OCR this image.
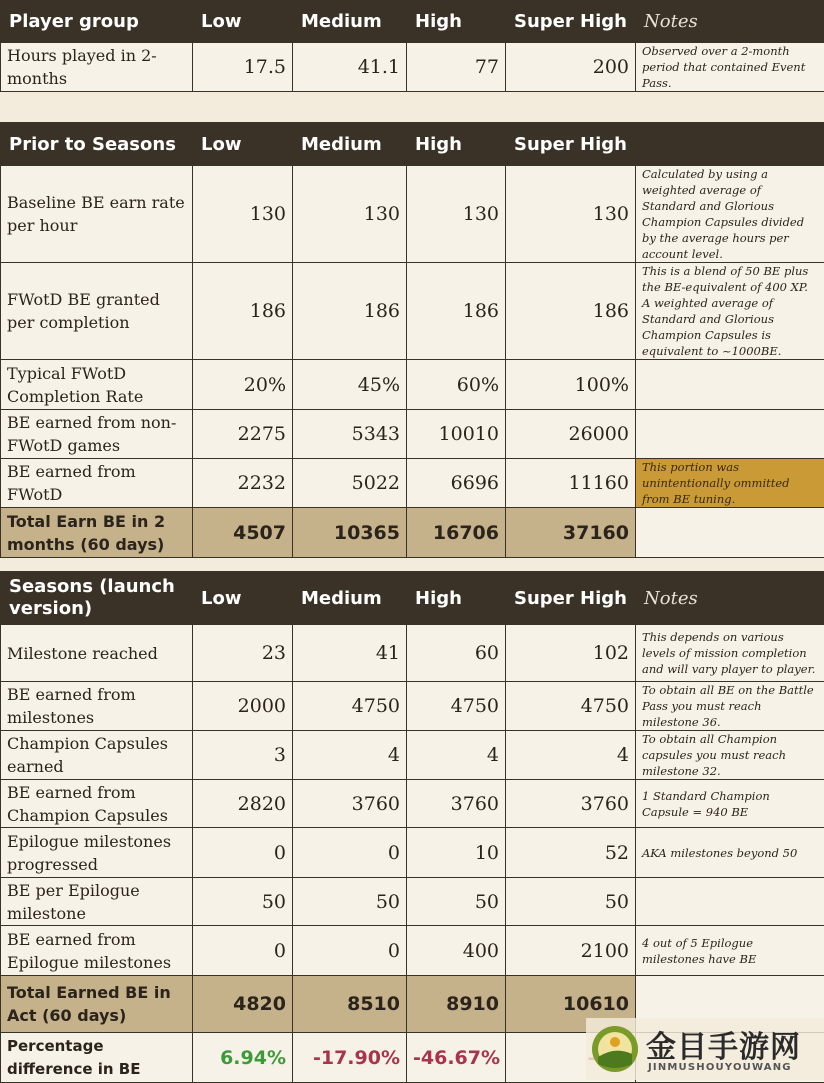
Player group	Low	Medium	High	Super High	Notes
Hours played in 2-months	17.5	41.1	77	200	Observed over a 2-month period that contained Event Pass.
Prior to Seasons	Low	Medium	High	Super High	
Baseline BE earn rate per hour	130	130	130	130	Calculated by using a weighted average of Standard and Glorious Champion Capsules divided by the average hours per account level.
FWotD BE granted per completion	186	186	186	186	This is a blend of 50 BE plus the BE-equivalent of 400 XP. A weighted average of Standard and Glorious Champion Capsules is equivalent to ~1000BE.
Typical FWotD Completion Rate	20%	45%	60%	100%	
BE earned from non-FWotD games	2275	5343	10010	26000	
BE earned from FWotD	2232	5022	6696	11160	This portion was unintentionally ommitted from BE tuning.
Total Earn BE in 2 months (60 days)	4507	10365	16706	37160	
Seasons (launch version)	Low	Medium	High	Super High	Notes
Milestone reached	23	41	60	102	This depends on various levels of mission completion and will vary player to player.
BE earned from milestones	2000	4750	4750	4750	To obtain all BE on the Battle Pass you must reach milestone 36.
Champion Capsules earned	3	4	4	4	To obtain all Champion capsules you must reach milestone 32.
BE earned from Champion Capsules	2820	3760	3760	3760	1 Standard Champion Capsule = 940 BE
Epilogue milestones progressed	0	0	10	52	AKA milestones beyond 50
BE per Epilogue milestone	50	50	50	50	
BE earned from Epilogue milestones	0	0	400	2100	4 out of 5 Epilogue milestones have BE
Total Earned BE in Act (60 days)	4820	8510	8910	10610	
Percentage difference in BE	6.94%	-17.90%	-46.67%			金目手游网
JINMUSHOUYOUWANG
